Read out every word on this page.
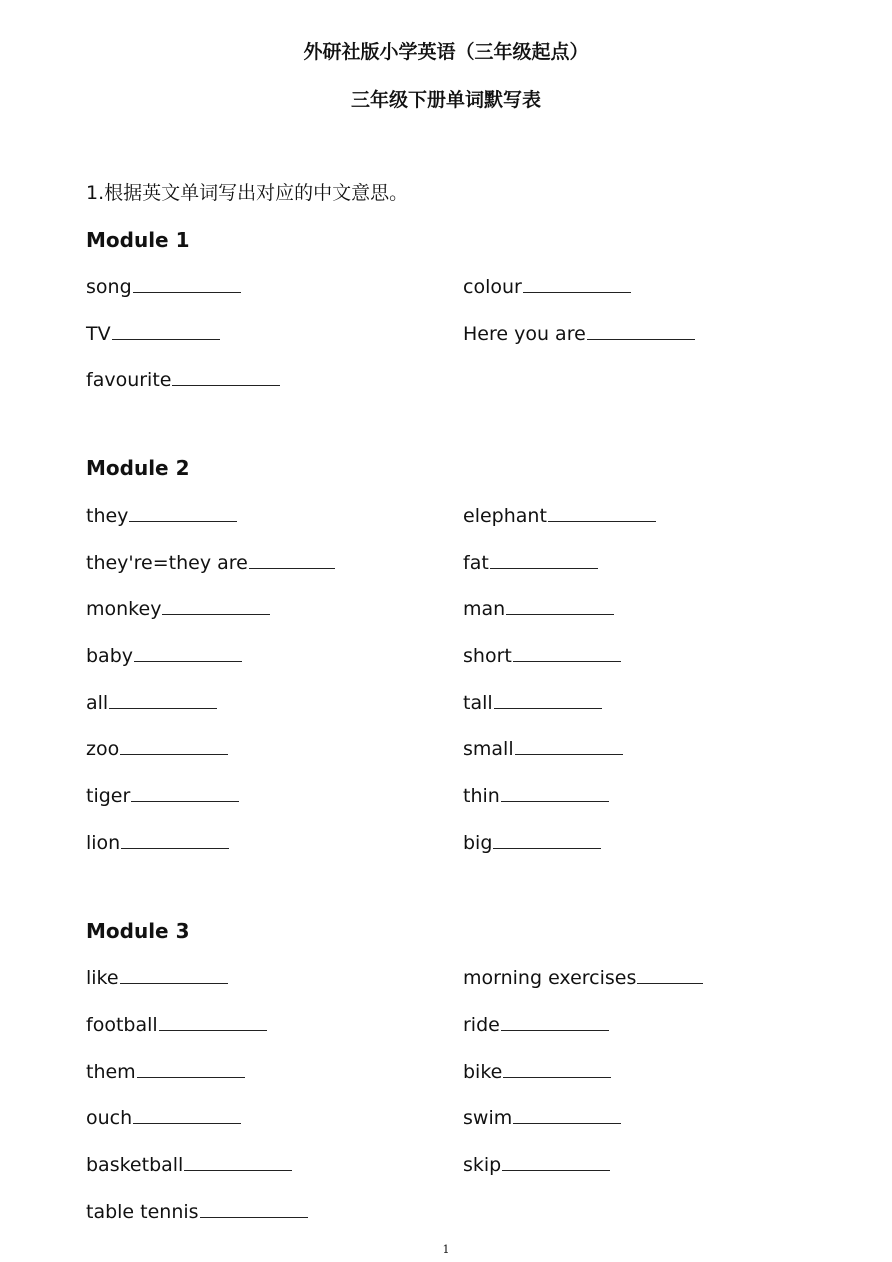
外研社版小学英语（三年级起点）
三年级下册单词默写表
1.根据英文单词写出对应的中文意思。
Module 1
song	colour
TV	Here you are
favourite
Module 2
they	elephant
they're=they are	fat
monkey	man
baby	short
all	tall
zoo	small
tiger	thin
lion	big
Module 3
like	morning exercises
football	ride
them	bike
ouch	swim
basketball	skip
table tennis
1
